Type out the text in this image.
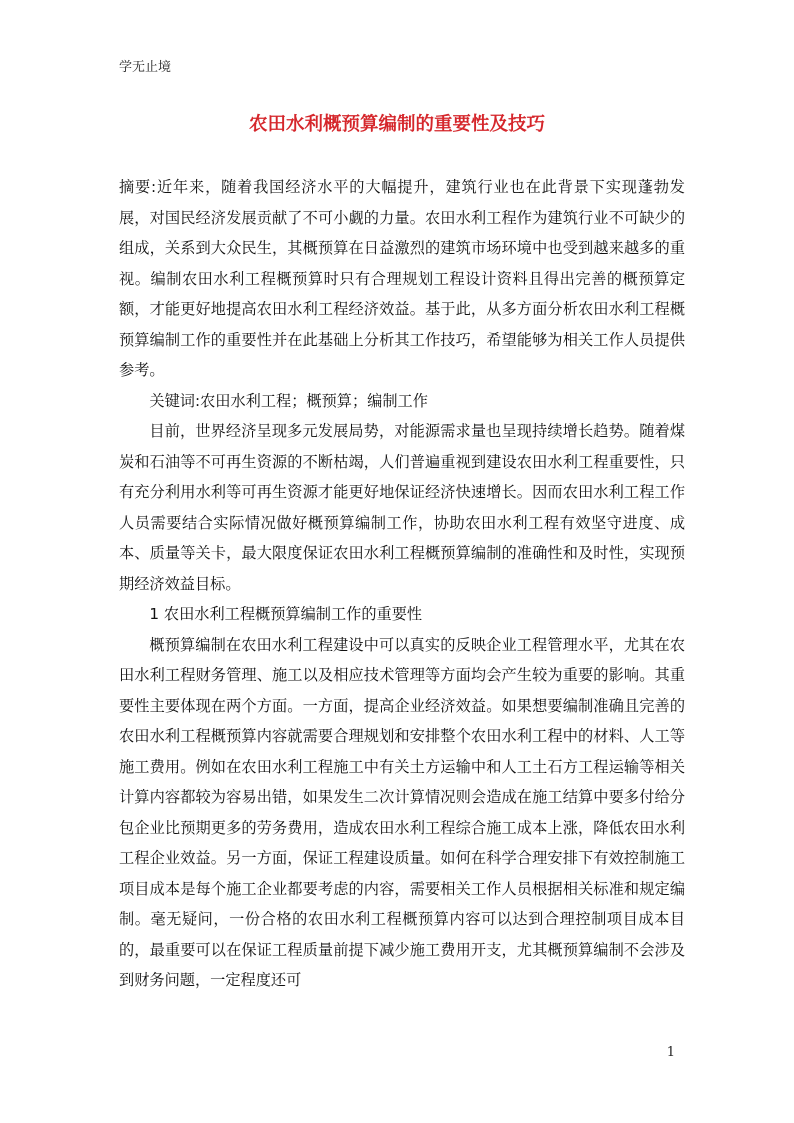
学无止境
农田水利概预算编制的重要性及技巧

摘要:近年来，随着我国经济水平的大幅提升，建筑行业也在此背景下实现蓬勃发展，对国民经济发展贡献了不可小觑的力量。农田水利工程作为建筑行业不可缺少的组成，关系到大众民生，其概预算在日益激烈的建筑市场环境中也受到越来越多的重视。编制农田水利工程概预算时只有合理规划工程设计资料且得出完善的概预算定额，才能更好地提高农田水利工程经济效益。基于此，从多方面分析农田水利工程概预算编制工作的重要性并在此基础上分析其工作技巧，希望能够为相关工作人员提供参考。

关键词:农田水利工程；概预算；编制工作

目前，世界经济呈现多元发展局势，对能源需求量也呈现持续增长趋势。随着煤炭和石油等不可再生资源的不断枯竭，人们普遍重视到建设农田水利工程重要性，只有充分利用水利等可再生资源才能更好地保证经济快速增长。因而农田水利工程工作人员需要结合实际情况做好概预算编制工作，协助农田水利工程有效坚守进度、成本、质量等关卡，最大限度保证农田水利工程概预算编制的准确性和及时性，实现预期经济效益目标。

1 农田水利工程概预算编制工作的重要性

概预算编制在农田水利工程建设中可以真实的反映企业工程管理水平，尤其在农田水利工程财务管理、施工以及相应技术管理等方面均会产生较为重要的影响。其重要性主要体现在两个方面。一方面，提高企业经济效益。如果想要编制准确且完善的农田水利工程概预算内容就需要合理规划和安排整个农田水利工程中的材料、人工等施工费用。例如在农田水利工程施工中有关土方运输中和人工土石方工程运输等相关计算内容都较为容易出错，如果发生二次计算情况则会造成在施工结算中要多付给分包企业比预期更多的劳务费用，造成农田水利工程综合施工成本上涨，降低农田水利工程企业效益。另一方面，保证工程建设质量。如何在科学合理安排下有效控制施工项目成本是每个施工企业都要考虑的内容，需要相关工作人员根据相关标准和规定编制。毫无疑问，一份合格的农田水利工程概预算内容可以达到合理控制项目成本目的，最重要可以在保证工程质量前提下减少施工费用开支，尤其概预算编制不会涉及到财务问题，一定程度还可

1
